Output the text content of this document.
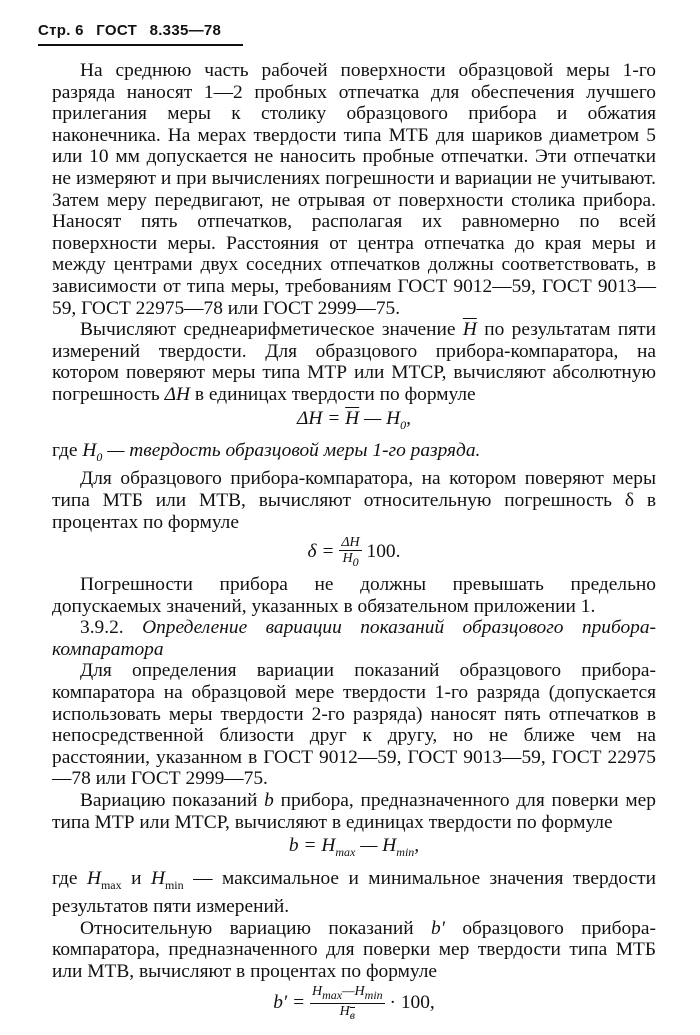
Стр. 6 ГОСТ 8.335—78

На среднюю часть рабочей поверхности образцовой меры 1-го разряда наносят 1—2 пробных отпечатка для обеспечения лучшего прилегания меры к столику образцового прибора и обжатия наконечника. На мерах твердости типа МТБ для шариков диаметром 5 или 10 мм допускается не наносить пробные отпечатки. Эти отпечатки не измеряют и при вычислениях погрешности и вариации не учитывают. Затем меру передвигают, не отрывая от поверхности столика прибора. Наносят пять отпечатков, располагая их равномерно по всей поверхности меры. Расстояния от центра отпечатка до края меры и между центрами двух соседних отпечатков должны соответствовать, в зависимости от типа меры, требованиям ГОСТ 9012—59, ГОСТ 9013—59, ГОСТ 22975—78 или ГОСТ 2999—75.

Вычисляют среднеарифметическое значение $\overline{H}$ по результатам пяти измерений твердости. Для образцового прибора-компаратора, на котором поверяют меры типа МТР или МТСР, вычисляют абсолютную погрешность ΔH в единицах твердости по формуле

$\Delta H = \overline{H}$ — $H_0$,

где $H_0$ — твердость образцовой меры 1-го разряда.

Для образцового прибора-компаратора, на котором поверяют меры типа МТБ или МТВ, вычисляют относительную погрешность δ в процентах по формуле

$\delta = \frac{\Delta H}{H_0} 100$.

Погрешности прибора не должны превышать предельно допускаемых значений, указанных в обязательном приложении 1.

3.9.2. Определение вариации показаний образцового прибора-компаратора

Для определения вариации показаний образцового прибора-компаратора на образцовой мере твердости 1-го разряда (допускается использовать меры твердости 2-го разряда) наносят пять отпечатков в непосредственной близости друг к другу, но не ближе чем на расстоянии, указанном в ГОСТ 9012—59, ГОСТ 9013—59, ГОСТ 22975—78 или ГОСТ 2999—75.

Вариацию показаний b прибора, предназначенного для поверки мер типа МТР или МТСР, вычисляют в единицах твердости по формуле

$b = H_{max}$ — $H_{min}$,

где $H_{max}$ и $H_{min}$ — максимальное и минимальное значения твердости результатов пяти измерений.

Относительную вариацию показаний b′ образцового прибора-компаратора, предназначенного для поверки мер твердости типа МТБ или МТВ, вычисляют в процентах по формуле

$b' = \frac{H_{max}—H_{min}}{H_в} \cdot 100$,
